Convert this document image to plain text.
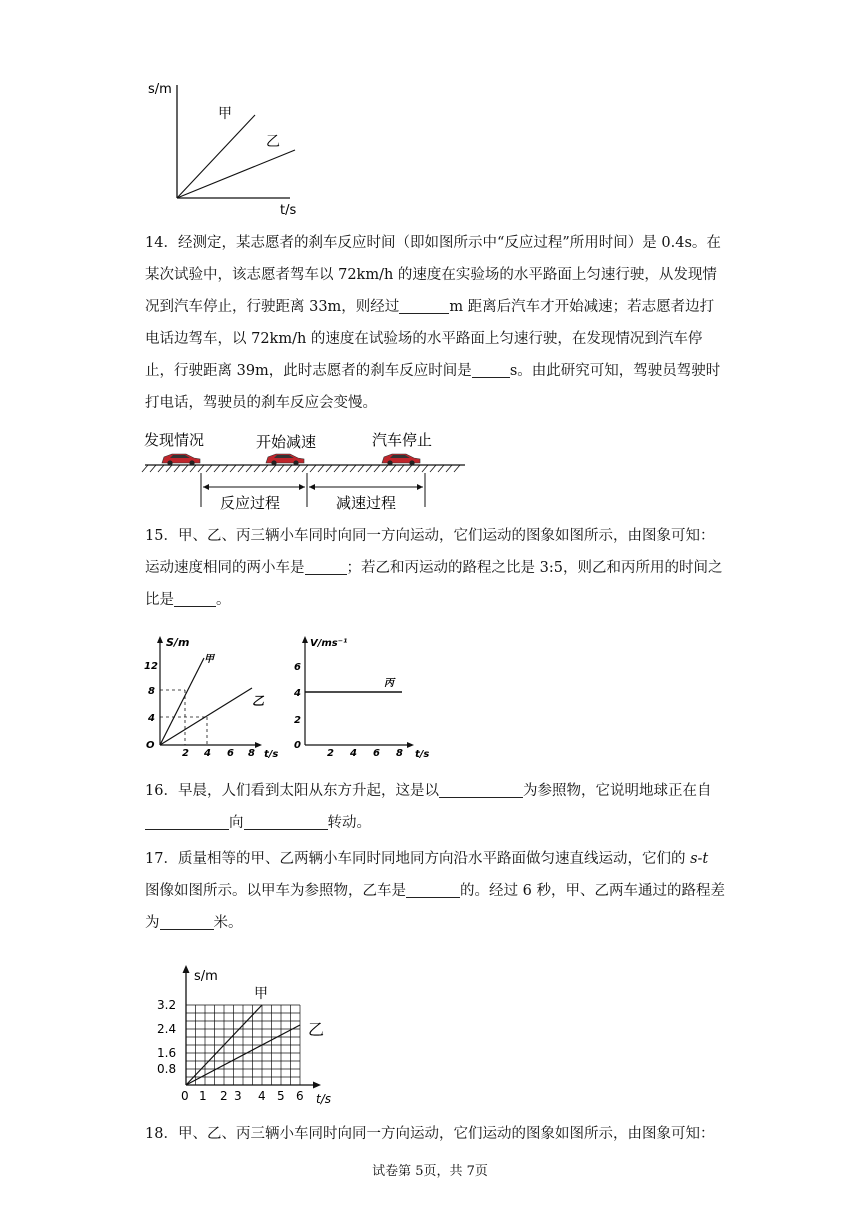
s/m
t/s
甲
乙

14．经测定，某志愿者的刹车反应时间（即如图所示中“反应过程”所用时间）是 0.4s。在某次试验中，该志愿者驾车以 72km/h 的速度在实验场的水平路面上匀速行驶，从发现情况到汽车停止，行驶距离 33m，则经过	m 距离后汽车才开始减速；若志愿者边打电话边驾车，以 72km/h 的速度在试验场的水平路面上匀速行驶，在发现情况到汽车停止，行驶距离 39m，此时志愿者的刹车反应时间是	s。由此研究可知，驾驶员驾驶时打电话，驾驶员的刹车反应会变慢。

发现情况	开始减速	汽车停止
反应过程	减速过程

15．甲、乙、丙三辆小车同时向同一方向运动，它们运动的图象如图所示，由图象可知：运动速度相同的两小车是	；若乙和丙运动的路程之比是 3:5，则乙和丙所用的时间之比是	。

S/m
12
8
4
O
2 4 6 8 t/s
甲
乙
V/ms⁻¹
6
4
2
0
2 4 6 8 t/s
丙

16．早晨，人们看到太阳从东方升起，这是以	为参照物，它说明地球正在自向	转动。

17．质量相等的甲、乙两辆小车同时同地同方向沿水平路面做匀速直线运动，它们的 s-t 图像如图所示。以甲车为参照物，乙车是	的。经过 6 秒，甲、乙两车通过的路程差为	米。

s/m
甲
乙
3.2
2.4
1.6
0.8
0 1 2 3 4 5 6 t/s

18．甲、乙、丙三辆小车同时向同一方向运动，它们运动的图象如图所示，由图象可知：

试卷第 5页，共 7页
